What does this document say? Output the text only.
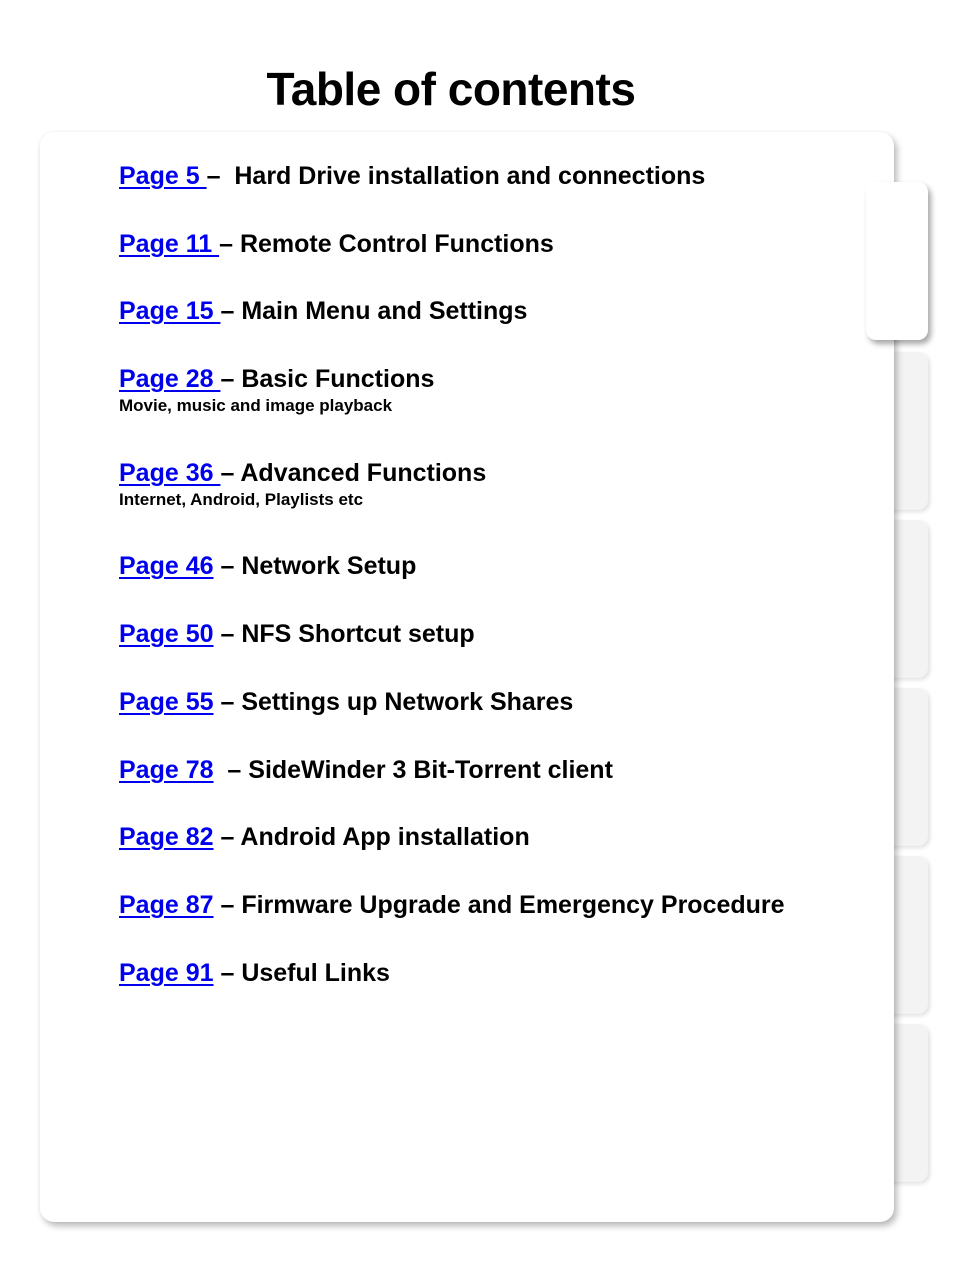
Table of contents
Page 5 –  Hard Drive installation and connections
Page 11 – Remote Control Functions
Page 15 – Main Menu and Settings
Page 28 – Basic Functions
Movie, music and image playback
Page 36 – Advanced Functions
Internet, Android, Playlists etc
Page 46 – Network Setup
Page 50 – NFS Shortcut setup
Page 55 – Settings up Network Shares
Page 78  – SideWinder 3 Bit-Torrent client
Page 82 – Android App installation
Page 87 – Firmware Upgrade and Emergency Procedure
Page 91 – Useful Links
